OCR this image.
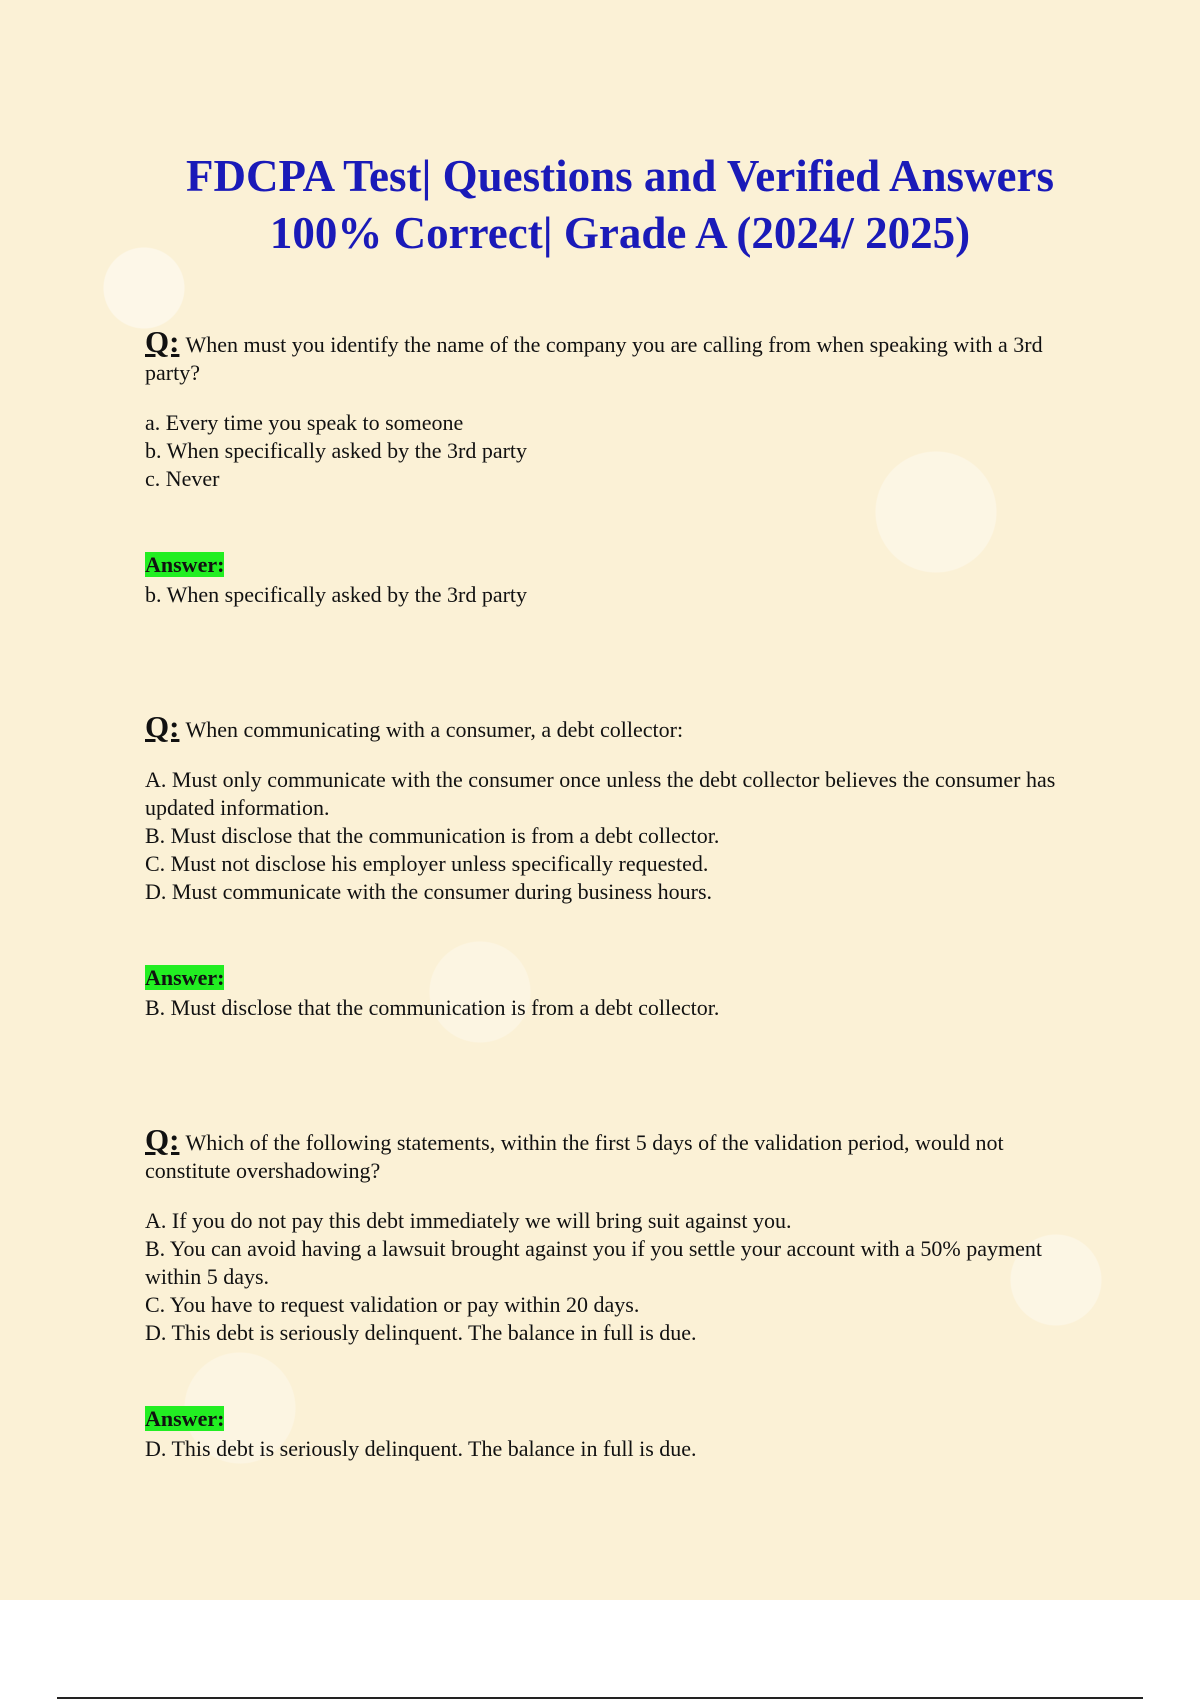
FDCPA Test| Questions and Verified Answers
100% Correct| Grade A (2024/ 2025)

Q: When must you identify the name of the company you are calling from when speaking with a 3rd party?

a. Every time you speak to someone
b. When specifically asked by the 3rd party
c. Never
Answer:

b. When specifically asked by the 3rd party

Q: When communicating with a consumer, a debt collector:

A. Must only communicate with the consumer once unless the debt collector believes the consumer has updated information.
B. Must disclose that the communication is from a debt collector.
C. Must not disclose his employer unless specifically requested.
D. Must communicate with the consumer during business hours.
Answer:

B. Must disclose that the communication is from a debt collector.

Q: Which of the following statements, within the first 5 days of the validation period, would not constitute overshadowing?

A. If you do not pay this debt immediately we will bring suit against you.
B. You can avoid having a lawsuit brought against you if you settle your account with a 50% payment within 5 days.
C. You have to request validation or pay within 20 days.
D. This debt is seriously delinquent. The balance in full is due.
Answer:

D. This debt is seriously delinquent. The balance in full is due.
